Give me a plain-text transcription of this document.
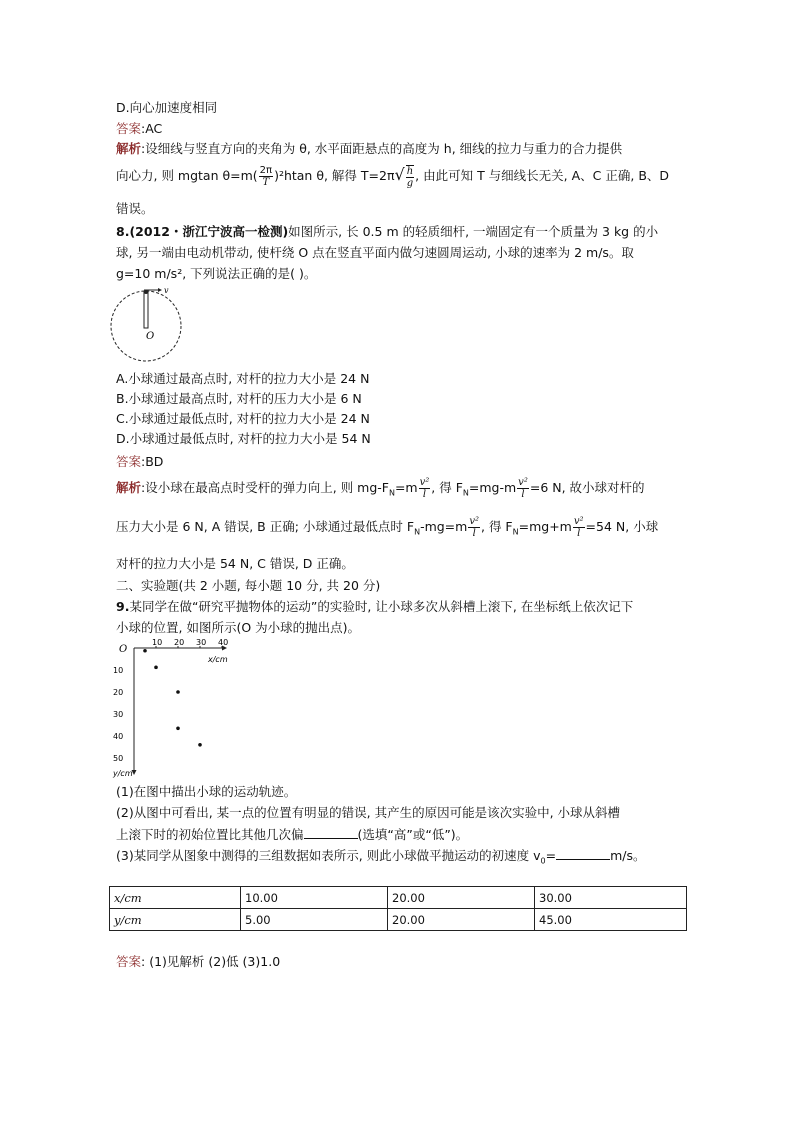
D.向心加速度相同
答案:AC
解析:设细线与竖直方向的夹角为 θ, 水平面距悬点的高度为 h, 细线的拉力与重力的合力提供
向心力, 则 mgtan $\theta=m( \frac{2\pi}{T} )^2htan$ θ, 解得 $T=2\pi√ \frac{h}{g}$ , 由此可知 T 与细线长无关, A、C 正确, B、D
错误。
8.(2012・浙江宁波高一检测)如图所示, 长 0.5 m 的轻质细杆, 一端固定有一个质量为 3 kg 的小
球, 另一端由电动机带动, 使杆绕 O 点在竖直平面内做匀速圆周运动, 小球的速率为 2 m/s。取
g=10 m/s², 下列说法正确的是( )。
v
O
A.小球通过最高点时, 对杆的拉力大小是 24 N
B.小球通过最高点时, 对杆的压力大小是 6 N
C.小球通过最低点时, 对杆的拉力大小是 24 N
D.小球通过最低点时, 对杆的拉力大小是 54 N
答案:BD
解析:设小球在最高点时受杆的弹力向上, 则 $mg-F_N=m \frac{\text{v²}}{l}$ , 得 $F_N=mg-m \frac{\text{v²}}{l} =6$ N, 故小球对杆的
压力大小是 6 N, A 错误, B 正确; 小球通过最低点时 $F_N-mg=m \frac{\text{v²}}{l}$ , 得 $F_N=mg+m \frac{\text{v²}}{l} =54$ N, 小球
对杆的拉力大小是 54 N, C 错误, D 正确。
二、实验题(共 2 小题, 每小题 10 分, 共 20 分)
9.某同学在做“研究平抛物体的运动”的实验时, 让小球多次从斜槽上滚下, 在坐标纸上依次记下
小球的位置, 如图所示(O 为小球的抛出点)。
O
x/cm
y/cm
10 20 30 40
10
20
30
40
50
(1)在图中描出小球的运动轨迹。
(2)从图中可看出, 某一点的位置有明显的错误, 其产生的原因可能是该次实验中, 小球从斜槽
上滚下时的初始位置比其他几次偏	(选填“高”或“低”)。
(3)某同学从图象中测得的三组数据如表所示, 则此小球做平抛运动的初速度 $v_0=$	m/s。
x/cm	10.00	20.00	30.00
y/cm	5.00	20.00	45.00
答案: (1)见解析 (2)低 (3)1.0
